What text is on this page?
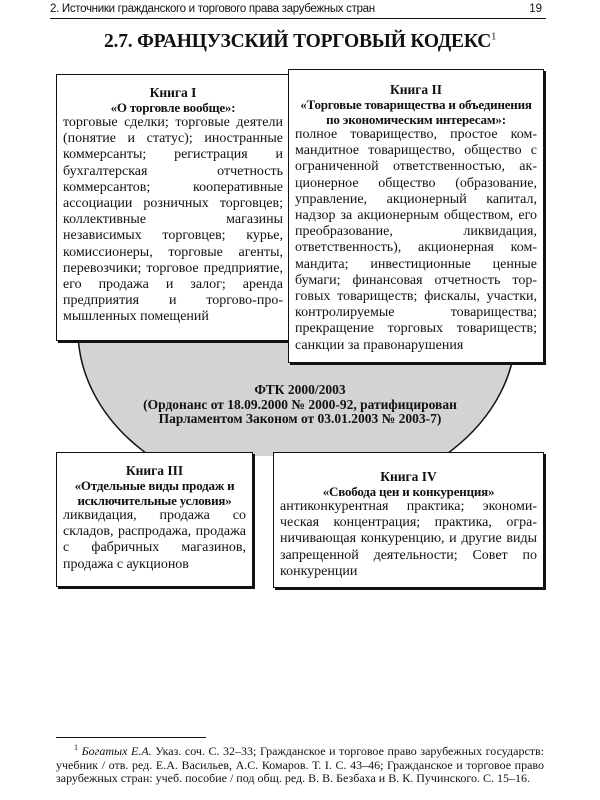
2. Источники гражданского и торгового права зарубежных стран	19
2.7. ФРАНЦУЗСКИЙ ТОРГОВЫЙ КОДЕКС$^1$
Книга I
«О торговле вообще»:
торговые сделки; торговые деятели (понятие и статус); иностранные коммерсанты; регистрация и бухгалтерская отчетность коммерсантов; кооперативные ассоциации розничных торговцев; коллективные магазины независимых торговцев; курье, комиссионеры, торговые агенты, перевозчики; торговое предприятие, его продажа и залог; аренда предприятия и торгово-промышленных помещений
Книга II
«Торговые товарищества и объединения по экономическим интересам»:
полное товарищество, простое коммандитное товарищество, общество с ограниченной ответственностью, акционерное общество (образование, управление, акционерный капитал, надзор за акционерным обществом, его преобразование, ликвидация, ответственность), акционерная коммандита; инвестиционные ценные бумаги; финансовая отчетность торговых товариществ; фискалы, участки, контролируемые товарищества; прекращение торговых товариществ; санкции за правонарушения
ФТК 2000/2003
(Ордонанс от 18.09.2000 № 2000-92, ратифицирован
Парламентом Законом от 03.01.2003 № 2003-7)
Книга III
«Отдельные виды продаж и исключительные условия»
ликвидация, продажа со складов, распродажа, продажа с фабричных магазинов, продажа с аукционов
Книга IV
«Свобода цен и конкуренция»
антиконкурентная практика; экономическая концентрация; практика, ограничивающая конкуренцию, и другие виды запрещенной деятельности; Совет по конкуренции
$^1$ Богатых Е.А. Указ. соч. С. 32–33; Гражданское и торговое право зарубежных государств: учебник / отв. ред. Е.А. Васильев, А.С. Комаров. Т. I. С. 43–46; Гражданское и торговое право зарубежных стран: учеб. пособие / под общ. ред. В. В. Безбаха и В. К. Пучинского. С. 15–16.
